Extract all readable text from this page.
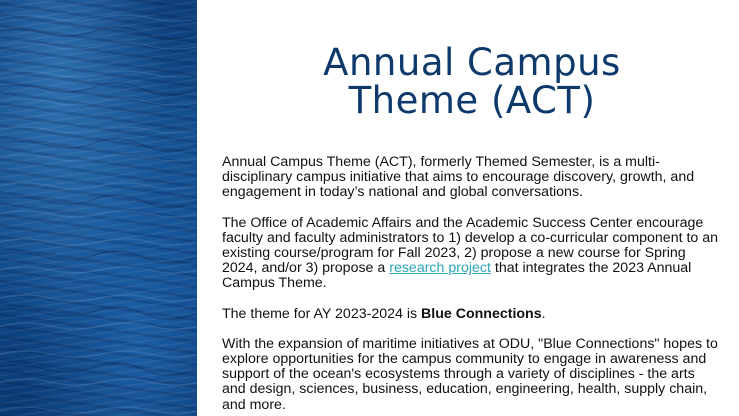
Annual Campus Theme (ACT)

Annual Campus Theme (ACT), formerly Themed Semester, is a multi-disciplinary campus initiative that aims to encourage discovery, growth, and engagement in today’s national and global conversations.

The Office of Academic Affairs and the Academic Success Center encourage faculty and faculty administrators to 1) develop a co-curricular component to an existing course/program for Fall 2023, 2) propose a new course for Spring 2024, and/or 3) propose a research project that integrates the 2023 Annual Campus Theme.

The theme for AY 2023-2024 is Blue Connections.

With the expansion of maritime initiatives at ODU, "Blue Connections" hopes to explore opportunities for the campus community to engage in awareness and support of the ocean's ecosystems through a variety of disciplines - the arts and design, sciences, business, education, engineering, health, supply chain, and more.
